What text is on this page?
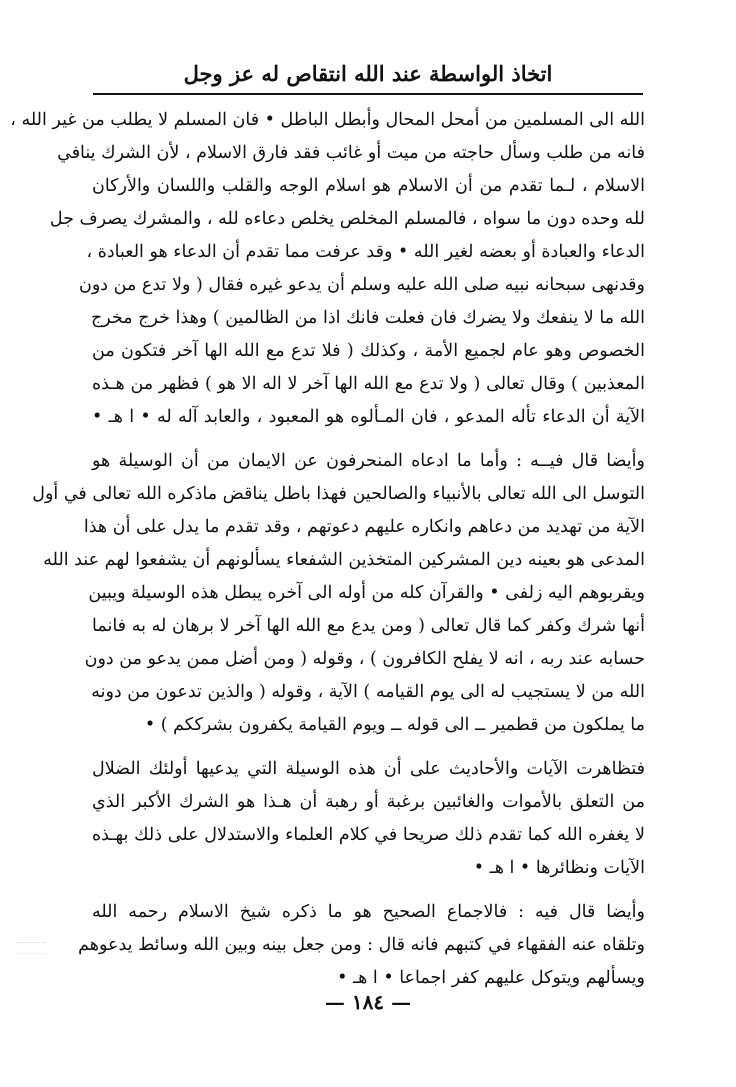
اتخاذ الواسطة عند الله انتقاص له عز وجل
الله الى المسلمين من أمحل المحال وأبطل الباطل • فان المسلم لا يطلب من غير الله ،
فانه من طلب وسأل حاجته من ميت أو غائب فقد فارق الاسلام ، لأن الشرك ينافي
الاسلام ، لـما تقدم من أن الاسلام هو اسلام الوجه والقلب واللسان والأركان
لله وحده دون ما سواه ، فالمسلم المخلص يخلص دعاءه لله ، والمشرك يصرف جل
الدعاء والعبادة أو بعضه لغير الله • وقد عرفت مما تقدم أن الدعاء هو العبادة ،
وقدنهى سبحانه نبيه صلى الله عليه وسلم أن يدعو غيره فقال ( ولا تدع من دون
الله ما لا ينفعك ولا يضرك فان فعلت فانك اذا من الظالمين ) وهذا خرج مخرج
الخصوص وهو عام لجميع الأمة ، وكذلك ( فلا تدع مع الله الها آخر فتكون من
المعذبين ) وقال تعالى ( ولا تدع مع الله الها آخر لا اله الا هو ) فظهر من هـذه
الآية أن الدعاء تأله المدعو ، فان المـألوه هو المعبود ، والعابد آله له • ا هـ •
وأيضا قال فيــه : وأما ما ادعاه المنحرفون عن الايمان من أن الوسيلة هو
التوسل الى الله تعالى بالأنبياء والصالحين فهذا باطل يناقض ماذكره الله تعالى في أول
الآية من تهديد من دعاهم وانكاره عليهم دعوتهم ، وقد تقدم ما يدل على أن هذا
المدعى هو بعينه دين المشركين المتخذين الشفعاء يسألونهم أن يشفعوا لهم عند الله
ويقربوهم اليه زلفى • والقرآن كله من أوله الى آخره يبطل هذه الوسيلة ويبين
أنها شرك وكفر كما قال تعالى ( ومن يدع مع الله الها آخر لا برهان له به فانما
حسابه عند ربه ، انه لا يفلح الكافرون ) ، وقوله ( ومن أضل ممن يدعو من دون
الله من لا يستجيب له الى يوم القيامه ) الآية ، وقوله ( والذين تدعون من دونه
ما يملكون من قطمير ــ الى قوله ــ ويوم القيامة يكفرون بشرككم ) •
فتظاهرت الآيات والأحاديث على أن هذه الوسيلة التي يدعيها أولئك الضلال
من التعلق بالأموات والغائبين برغبة أو رهبة أن هـذا هو الشرك الأكبر الذي
لا يغفره الله كما تقدم ذلك صريحا في كلام العلماء والاستدلال على ذلك بهـذه
الآيات ونظائرها • ا هـ •
وأيضا قال فيه : فالاجماع الصحيح هو ما ذكره شيخ الاسلام رحمه الله
وتلقاه عنه الفقهاء في كتبهم فانه قال : ومن جعل بينه وبين الله وسائط يدعوهم
ويسألهم ويتوكل عليهم كفر اجماعا • ا هـ •
— ١٨٤ —
